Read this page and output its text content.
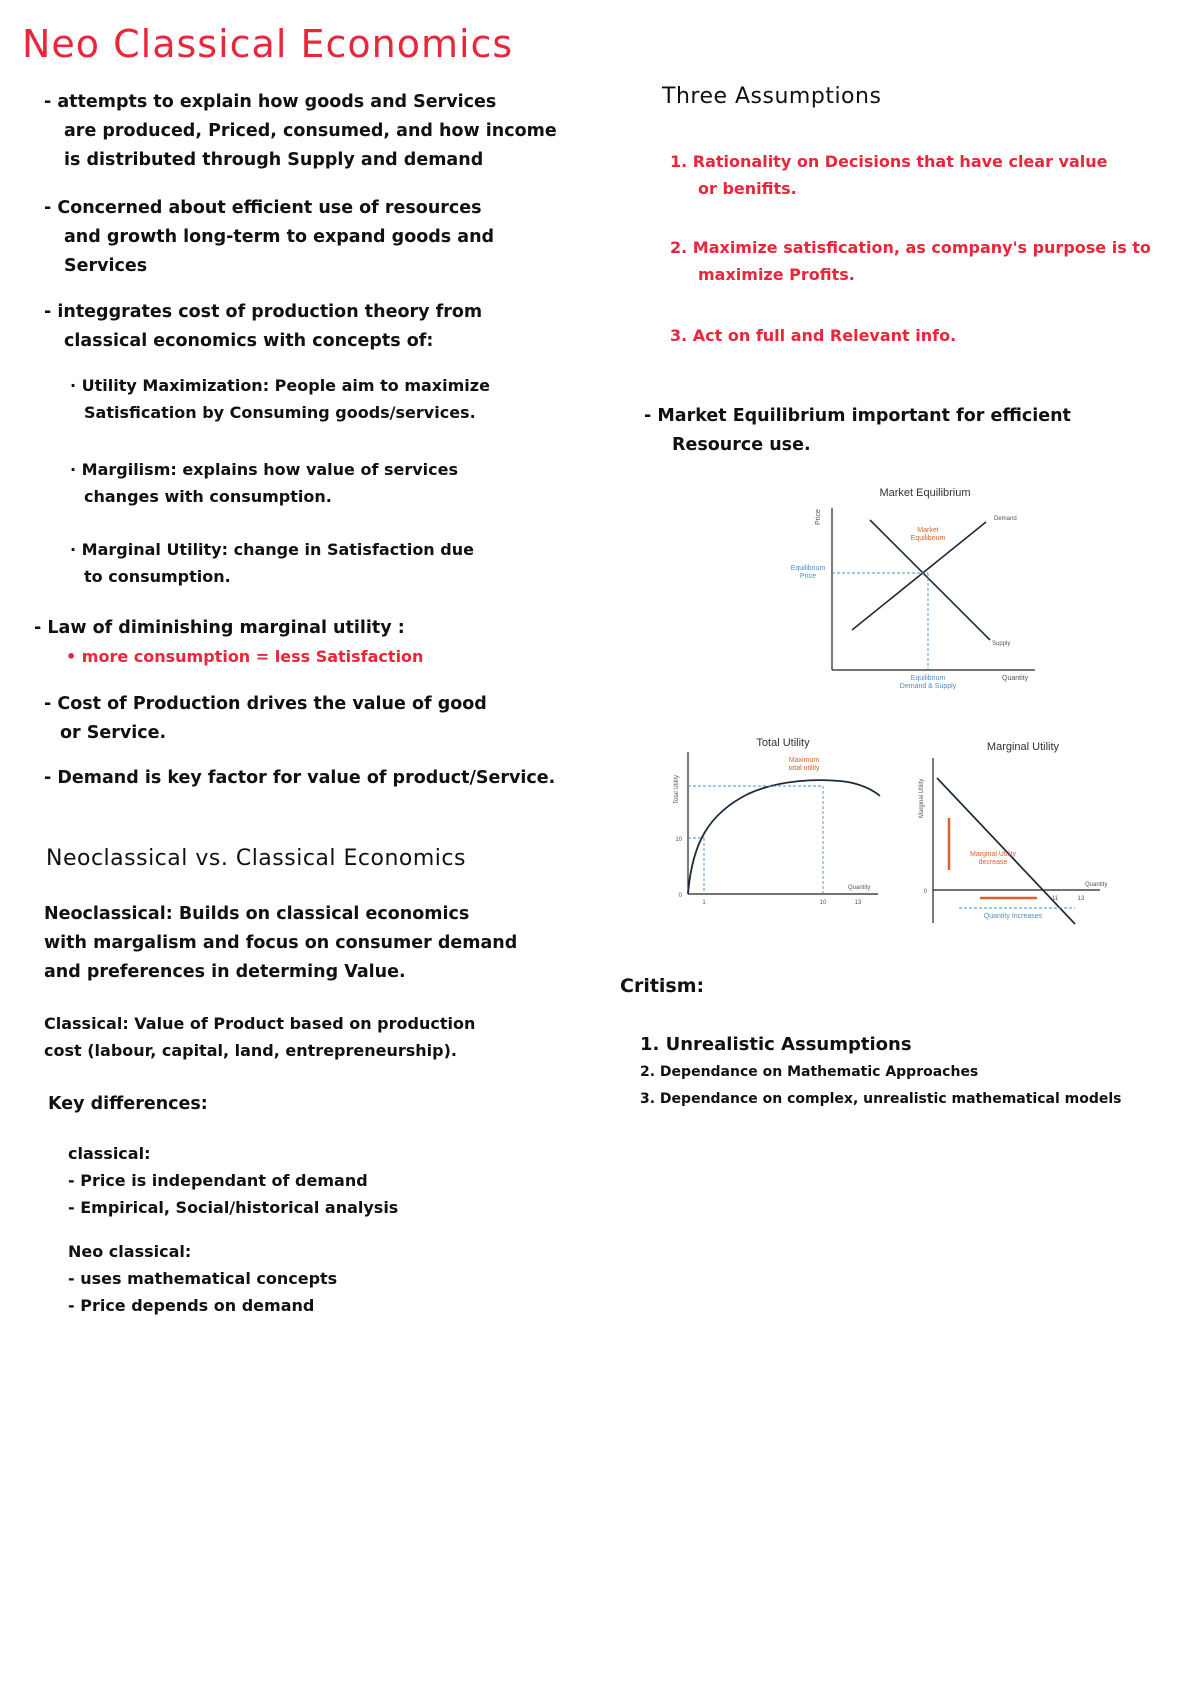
Neo Classical Economics
- attempts to explain how goods and Services
are produced, Priced, consumed, and how income
is distributed through Supply and demand
- Concerned about efficient use of resources
and growth long-term to expand goods and
Services
- integgrates cost of production theory from
classical economics with concepts of:
· Utility Maximization: People aim to maximize
Satisfication by Consuming goods/services.
· Margilism: explains how value of services
changes with consumption.
· Marginal Utility: change in Satisfaction due
to consumption.
- Law of diminishing marginal utility :
• more consumption = less Satisfaction
- Cost of Production drives the value of good
or Service.
- Demand is key factor for value of product/Service.
Neoclassical vs. Classical Economics
Neoclassical: Builds on classical economics
with margalism and focus on consumer demand
and preferences in determing Value.
Classical: Value of Product based on production
cost (labour, capital, land, entrepreneurship).
Key differences:
classical:
- Price is independant of demand
- Empirical, Social/historical analysis
Neo classical:
- uses mathematical concepts
- Price depends on demand
Three Assumptions
1. Rationality on Decisions that have clear value
or benifits.
2. Maximize satisfication, as company's purpose is to
maximize Profits.
3. Act on full and Relevant info.
- Market Equilibrium important for efficient
Resource use.
Market Equilibrium
Price
Quantity
Demand
Supply
Market
Equilibrium
Equilibrium
Price
Equilibrium
Demand & Supply
Total Utility
Total Utility
Quantity
Maximum
total utility
1	10	13
0
10
Marginal Utility
Marginal Utility
Quantity
Marginal Utility
decrease
Quantity Increases
0
11	13
Critism:
1. Unrealistic Assumptions
2. Dependance on Mathematic Approaches
3. Dependance on complex, unrealistic mathematical models
